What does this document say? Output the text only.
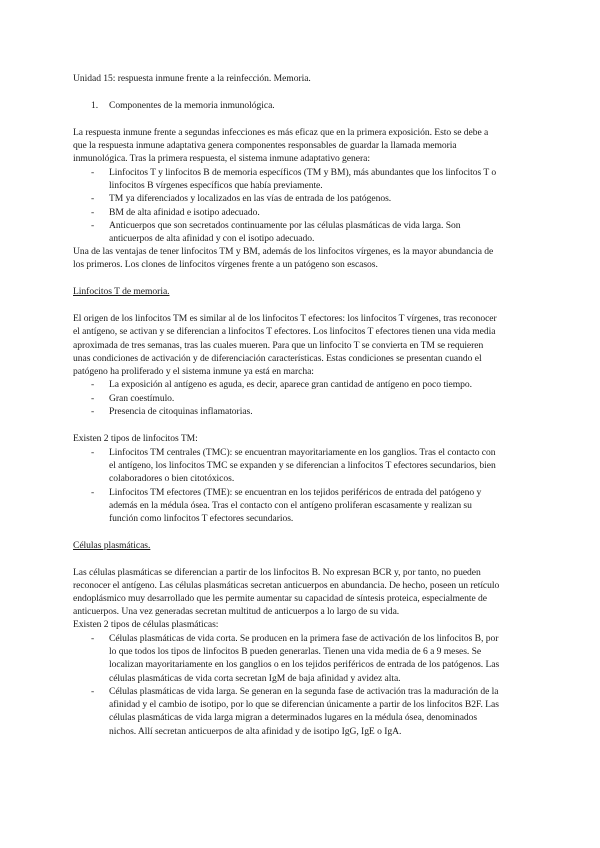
Unidad 15: respuesta inmune frente a la reinfección. Memoria.
1. Componentes de la memoria inmunológica.
La respuesta inmune frente a segundas infecciones es más eficaz que en la primera exposición. Esto se debe a
que la respuesta inmune adaptativa genera componentes responsables de guardar la llamada memoria
inmunológica. Tras la primera respuesta, el sistema inmune adaptativo genera:
- Linfocitos T y linfocitos B de memoria específicos (TM y BM), más abundantes que los linfocitos T o
linfocitos B vírgenes específicos que había previamente.
- TM ya diferenciados y localizados en las vías de entrada de los patógenos.
- BM de alta afinidad e isotipo adecuado.
- Anticuerpos que son secretados continuamente por las células plasmáticas de vida larga. Son
anticuerpos de alta afinidad y con el isotipo adecuado.
Una de las ventajas de tener linfocitos TM y BM, además de los linfocitos vírgenes, es la mayor abundancia de
los primeros. Los clones de linfocitos vírgenes frente a un patógeno son escasos.
Linfocitos T de memoria.
El origen de los linfocitos TM es similar al de los linfocitos T efectores: los linfocitos T vírgenes, tras reconocer
el antígeno, se activan y se diferencian a linfocitos T efectores. Los linfocitos T efectores tienen una vida media
aproximada de tres semanas, tras las cuales mueren. Para que un linfocito T se convierta en TM se requieren
unas condiciones de activación y de diferenciación características. Estas condiciones se presentan cuando el
patógeno ha proliferado y el sistema inmune ya está en marcha:
- La exposición al antígeno es aguda, es decir, aparece gran cantidad de antígeno en poco tiempo.
- Gran coestímulo.
- Presencia de citoquinas inflamatorias.
Existen 2 tipos de linfocitos TM:
- Linfocitos TM centrales (TMC): se encuentran mayoritariamente en los ganglios. Tras el contacto con
el antígeno, los linfocitos TMC se expanden y se diferencian a linfocitos T efectores secundarios, bien
colaboradores o bien citotóxicos.
- Linfocitos TM efectores (TME): se encuentran en los tejidos periféricos de entrada del patógeno y
además en la médula ósea. Tras el contacto con el antígeno proliferan escasamente y realizan su
función como linfocitos T efectores secundarios.
Células plasmáticas.
Las células plasmáticas se diferencian a partir de los linfocitos B. No expresan BCR y, por tanto, no pueden
reconocer el antígeno. Las células plasmáticas secretan anticuerpos en abundancia. De hecho, poseen un retículo
endoplásmico muy desarrollado que les permite aumentar su capacidad de síntesis proteica, especialmente de
anticuerpos. Una vez generadas secretan multitud de anticuerpos a lo largo de su vida.
Existen 2 tipos de células plasmáticas:
- Células plasmáticas de vida corta. Se producen en la primera fase de activación de los linfocitos B, por
lo que todos los tipos de linfocitos B pueden generarlas. Tienen una vida media de 6 a 9 meses. Se
localizan mayoritariamente en los ganglios o en los tejidos periféricos de entrada de los patógenos. Las
células plasmáticas de vida corta secretan IgM de baja afinidad y avidez alta.
- Células plasmáticas de vida larga. Se generan en la segunda fase de activación tras la maduración de la
afinidad y el cambio de isotipo, por lo que se diferencian únicamente a partir de los linfocitos B2F. Las
células plasmáticas de vida larga migran a determinados lugares en la médula ósea, denominados
nichos. Allí secretan anticuerpos de alta afinidad y de isotipo IgG, IgE o IgA.
